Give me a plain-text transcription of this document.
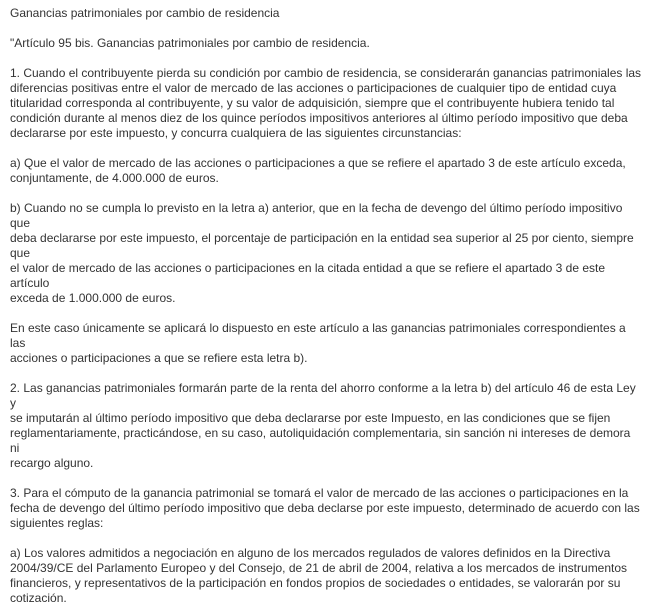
Ganancias patrimoniales por cambio de residencia

"Artículo 95 bis. Ganancias patrimoniales por cambio de residencia.

1. Cuando el contribuyente pierda su condición por cambio de residencia, se considerarán ganancias patrimoniales las
diferencias positivas entre el valor de mercado de las acciones o participaciones de cualquier tipo de entidad cuya
titularidad corresponda al contribuyente, y su valor de adquisición, siempre que el contribuyente hubiera tenido tal
condición durante al menos diez de los quince períodos impositivos anteriores al último período impositivo que deba
declararse por este impuesto, y concurra cualquiera de las siguientes circunstancias:

a) Que el valor de mercado de las acciones o participaciones a que se refiere el apartado 3 de este artículo exceda,
conjuntamente, de 4.000.000 de euros.

b) Cuando no se cumpla lo previsto en la letra a) anterior, que en la fecha de devengo del último período impositivo que
deba declararse por este impuesto, el porcentaje de participación en la entidad sea superior al 25 por ciento, siempre que
el valor de mercado de las acciones o participaciones en la citada entidad a que se refiere el apartado 3 de este artículo
exceda de 1.000.000 de euros.

En este caso únicamente se aplicará lo dispuesto en este artículo a las ganancias patrimoniales correspondientes a las
acciones o participaciones a que se refiere esta letra b).

2. Las ganancias patrimoniales formarán parte de la renta del ahorro conforme a la letra b) del artículo 46 de esta Ley y
se imputarán al último período impositivo que deba declararse por este Impuesto, en las condiciones que se fijen
reglamentariamente, practicándose, en su caso, autoliquidación complementaria, sin sanción ni intereses de demora ni
recargo alguno.

3. Para el cómputo de la ganancia patrimonial se tomará el valor de mercado de las acciones o participaciones en la
fecha de devengo del último período impositivo que deba declarse por este impuesto, determinado de acuerdo con las
siguientes reglas:

a) Los valores admitidos a negociación en alguno de los mercados regulados de valores definidos en la Directiva
2004/39/CE del Parlamento Europeo y del Consejo, de 21 de abril de 2004, relativa a los mercados de instrumentos
financieros, y representativos de la participación en fondos propios de sociedades o entidades, se valorarán por su
cotización.
